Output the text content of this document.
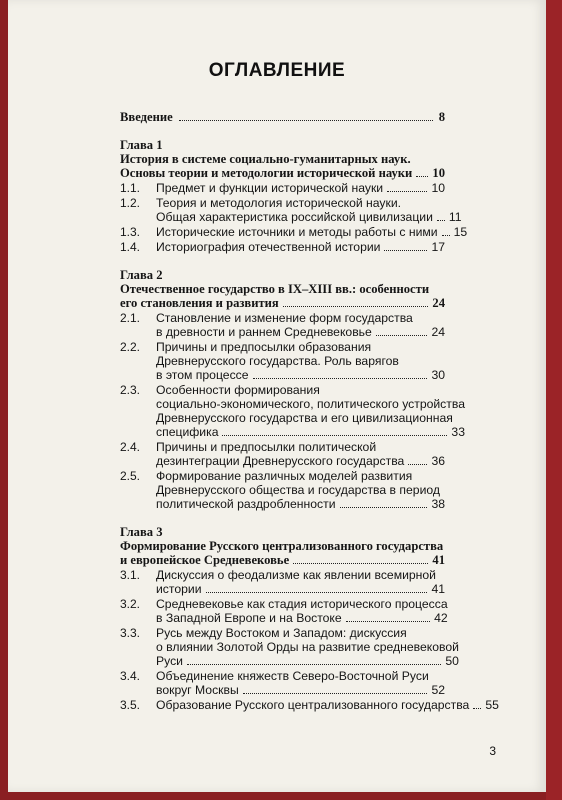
ОГЛАВЛЕНИЕ
Введение	8
Глава 1
История в системе социально-гуманитарных наук.
Основы теории и методологии исторической науки 10
1.1.	Предмет и функции исторической науки	10
1.2.	Теория и методология исторической науки.
Общая характеристика российской цивилизации 11
1.3.	Исторические источники и методы работы с ними 15
1.4.	Историография отечественной истории	17
Глава 2
Отечественное государство в IX–XIII вв.: особенности
его становления и развития	24
2.1.	Становление и изменение форм государства
в древности и раннем Средневековье	24
2.2.	Причины и предпосылки образования
Древнерусского государства. Роль варягов
в этом процессе	30
2.3.	Особенности формирования
социально-экономического, политического устройства
Древнерусского государства и его цивилизационная
специфика	33
2.4.	Причины и предпосылки политической
дезинтеграции Древнерусского государства 36
2.5.	Формирование различных моделей развития
Древнерусского общества и государства в период
политической раздробленности	38
Глава 3
Формирование Русского централизованного государства
и европейское Средневековье	41
3.1.	Дискуссия о феодализме как явлении всемирной
истории	41
3.2.	Средневековье как стадия исторического процесса
в Западной Европе и на Востоке	42
3.3.	Русь между Востоком и Западом: дискуссия
о влиянии Золотой Орды на развитие средневековой
Руси	50
3.4.	Объединение княжеств Северо-Восточной Руси
вокруг Москвы	52
3.5.	Образование Русского централизованного государства 55
3
